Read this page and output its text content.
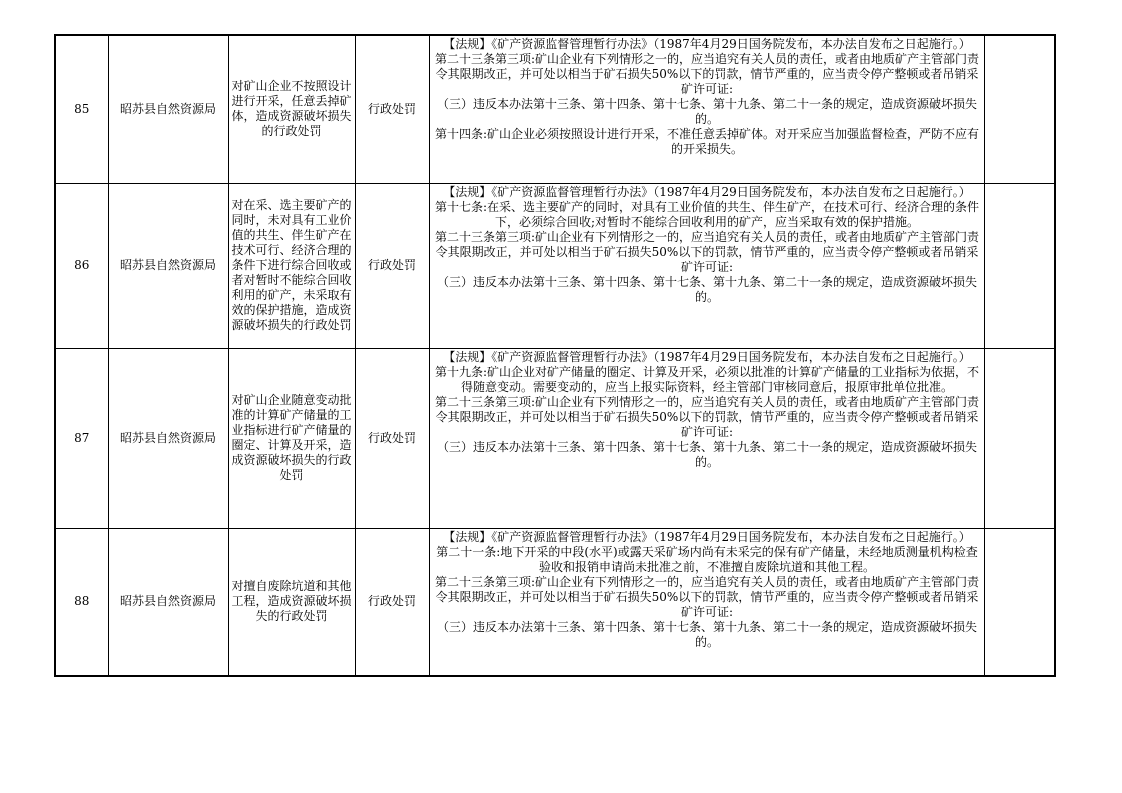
85	昭苏县自然资源局	对矿山企业不按照设计进行开采，任意丢掉矿体，造成资源破坏损失的行政处罚	行政处罚	【法规】《矿产资源监督管理暂行办法》（1987年4月29日国务院发布，本办法自发布之日起施行。）
第二十三条第三项:矿山企业有下列情形之一的，应当追究有关人员的责任，或者由地质矿产主管部门责令其限期改正，并可处以相当于矿石损失50%以下的罚款，情节严重的，应当责令停产整顿或者吊销采矿许可证:
（三）违反本办法第十三条、第十四条、第十七条、第十九条、第二十一条的规定，造成资源破坏损失的。
第十四条:矿山企业必须按照设计进行开采，不准任意丢掉矿体。对开采应当加强监督检查，严防不应有的开采损失。	

86	昭苏县自然资源局	对在采、选主要矿产的同时，未对具有工业价值的共生、伴生矿产在技术可行、经济合理的条件下进行综合回收或者对暂时不能综合回收利用的矿产，未采取有效的保护措施，造成资源破坏损失的行政处罚	行政处罚	【法规】《矿产资源监督管理暂行办法》（1987年4月29日国务院发布，本办法自发布之日起施行。）
第十七条:在采、选主要矿产的同时，对具有工业价值的共生、伴生矿产，在技术可行、经济合理的条件下，必须综合回收;对暂时不能综合回收利用的矿产，应当采取有效的保护措施。
第二十三条第三项:矿山企业有下列情形之一的，应当追究有关人员的责任，或者由地质矿产主管部门责令其限期改正，并可处以相当于矿石损失50%以下的罚款，情节严重的，应当责令停产整顿或者吊销采矿许可证:
（三）违反本办法第十三条、第十四条、第十七条、第十九条、第二十一条的规定，造成资源破坏损失的。	

87	昭苏县自然资源局	对矿山企业随意变动批准的计算矿产储量的工业指标进行矿产储量的圈定、计算及开采，造成资源破坏损失的行政处罚	行政处罚	【法规】《矿产资源监督管理暂行办法》（1987年4月29日国务院发布，本办法自发布之日起施行。）
第十九条:矿山企业对矿产储量的圈定、计算及开采，必须以批准的计算矿产储量的工业指标为依据，不得随意变动。需要变动的，应当上报实际资料，经主管部门审核同意后，报原审批单位批准。
第二十三条第三项:矿山企业有下列情形之一的，应当追究有关人员的责任，或者由地质矿产主管部门责令其限期改正，并可处以相当于矿石损失50%以下的罚款，情节严重的，应当责令停产整顿或者吊销采矿许可证:
（三）违反本办法第十三条、第十四条、第十七条、第十九条、第二十一条的规定，造成资源破坏损失的。	

88	昭苏县自然资源局	对擅自废除坑道和其他工程，造成资源破坏损失的行政处罚	行政处罚	【法规】《矿产资源监督管理暂行办法》（1987年4月29日国务院发布，本办法自发布之日起施行。）
第二十一条:地下开采的中段(水平)或露天采矿场内尚有未采完的保有矿产储量，未经地质测量机构检查验收和报销申请尚未批准之前，不准擅自废除坑道和其他工程。
第二十三条第三项:矿山企业有下列情形之一的，应当追究有关人员的责任，或者由地质矿产主管部门责令其限期改正，并可处以相当于矿石损失50%以下的罚款，情节严重的，应当责令停产整顿或者吊销采矿许可证:
（三）违反本办法第十三条、第十四条、第十七条、第十九条、第二十一条的规定，造成资源破坏损失的。	
